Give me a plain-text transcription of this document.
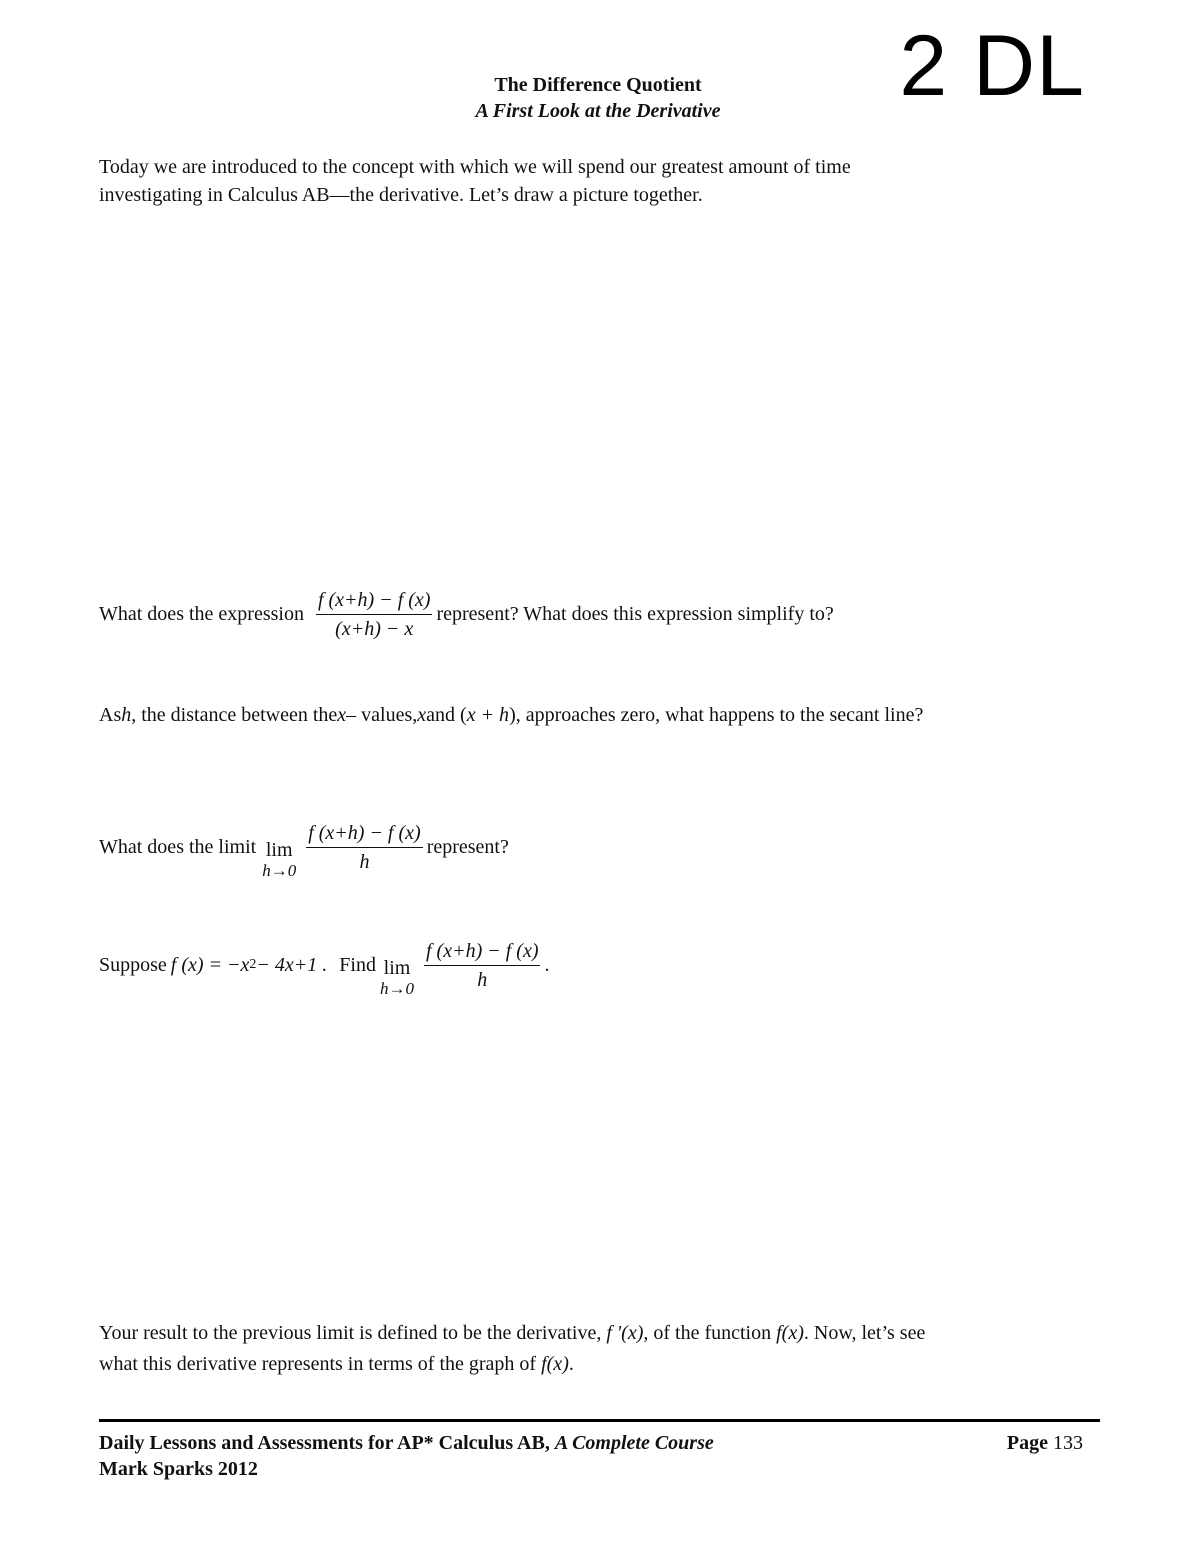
The Difference Quotient
A First Look at the Derivative	2 DL
Today we are introduced to the concept with which we will spend our greatest amount of time
investigating in Calculus AB—the derivative. Let’s draw a picture together.
What does the expression $\frac{f (x+h) - f (x)}{(x+h) - x}$ represent? What does this expression simplify to?
As h , the distance between the x – values, x and ( x + h ), approaches zero, what happens to the secant line?
What does the limit lim
$h\to 0 \frac{f (x+h) - f (x)}{h}$ represent?
Suppose f (x) = −x 2 − 4x+1 . Find lim
$h\to 0 \frac{f (x+h) - f (x)}{h}$ .
Your result to the previous limit is defined to be the derivative, f '(x), of the function f(x). Now, let’s see
what this derivative represents in terms of the graph of f(x).
Daily Lessons and Assessments for AP* Calculus AB, A Complete Course
Mark Sparks 2012
Page 133
